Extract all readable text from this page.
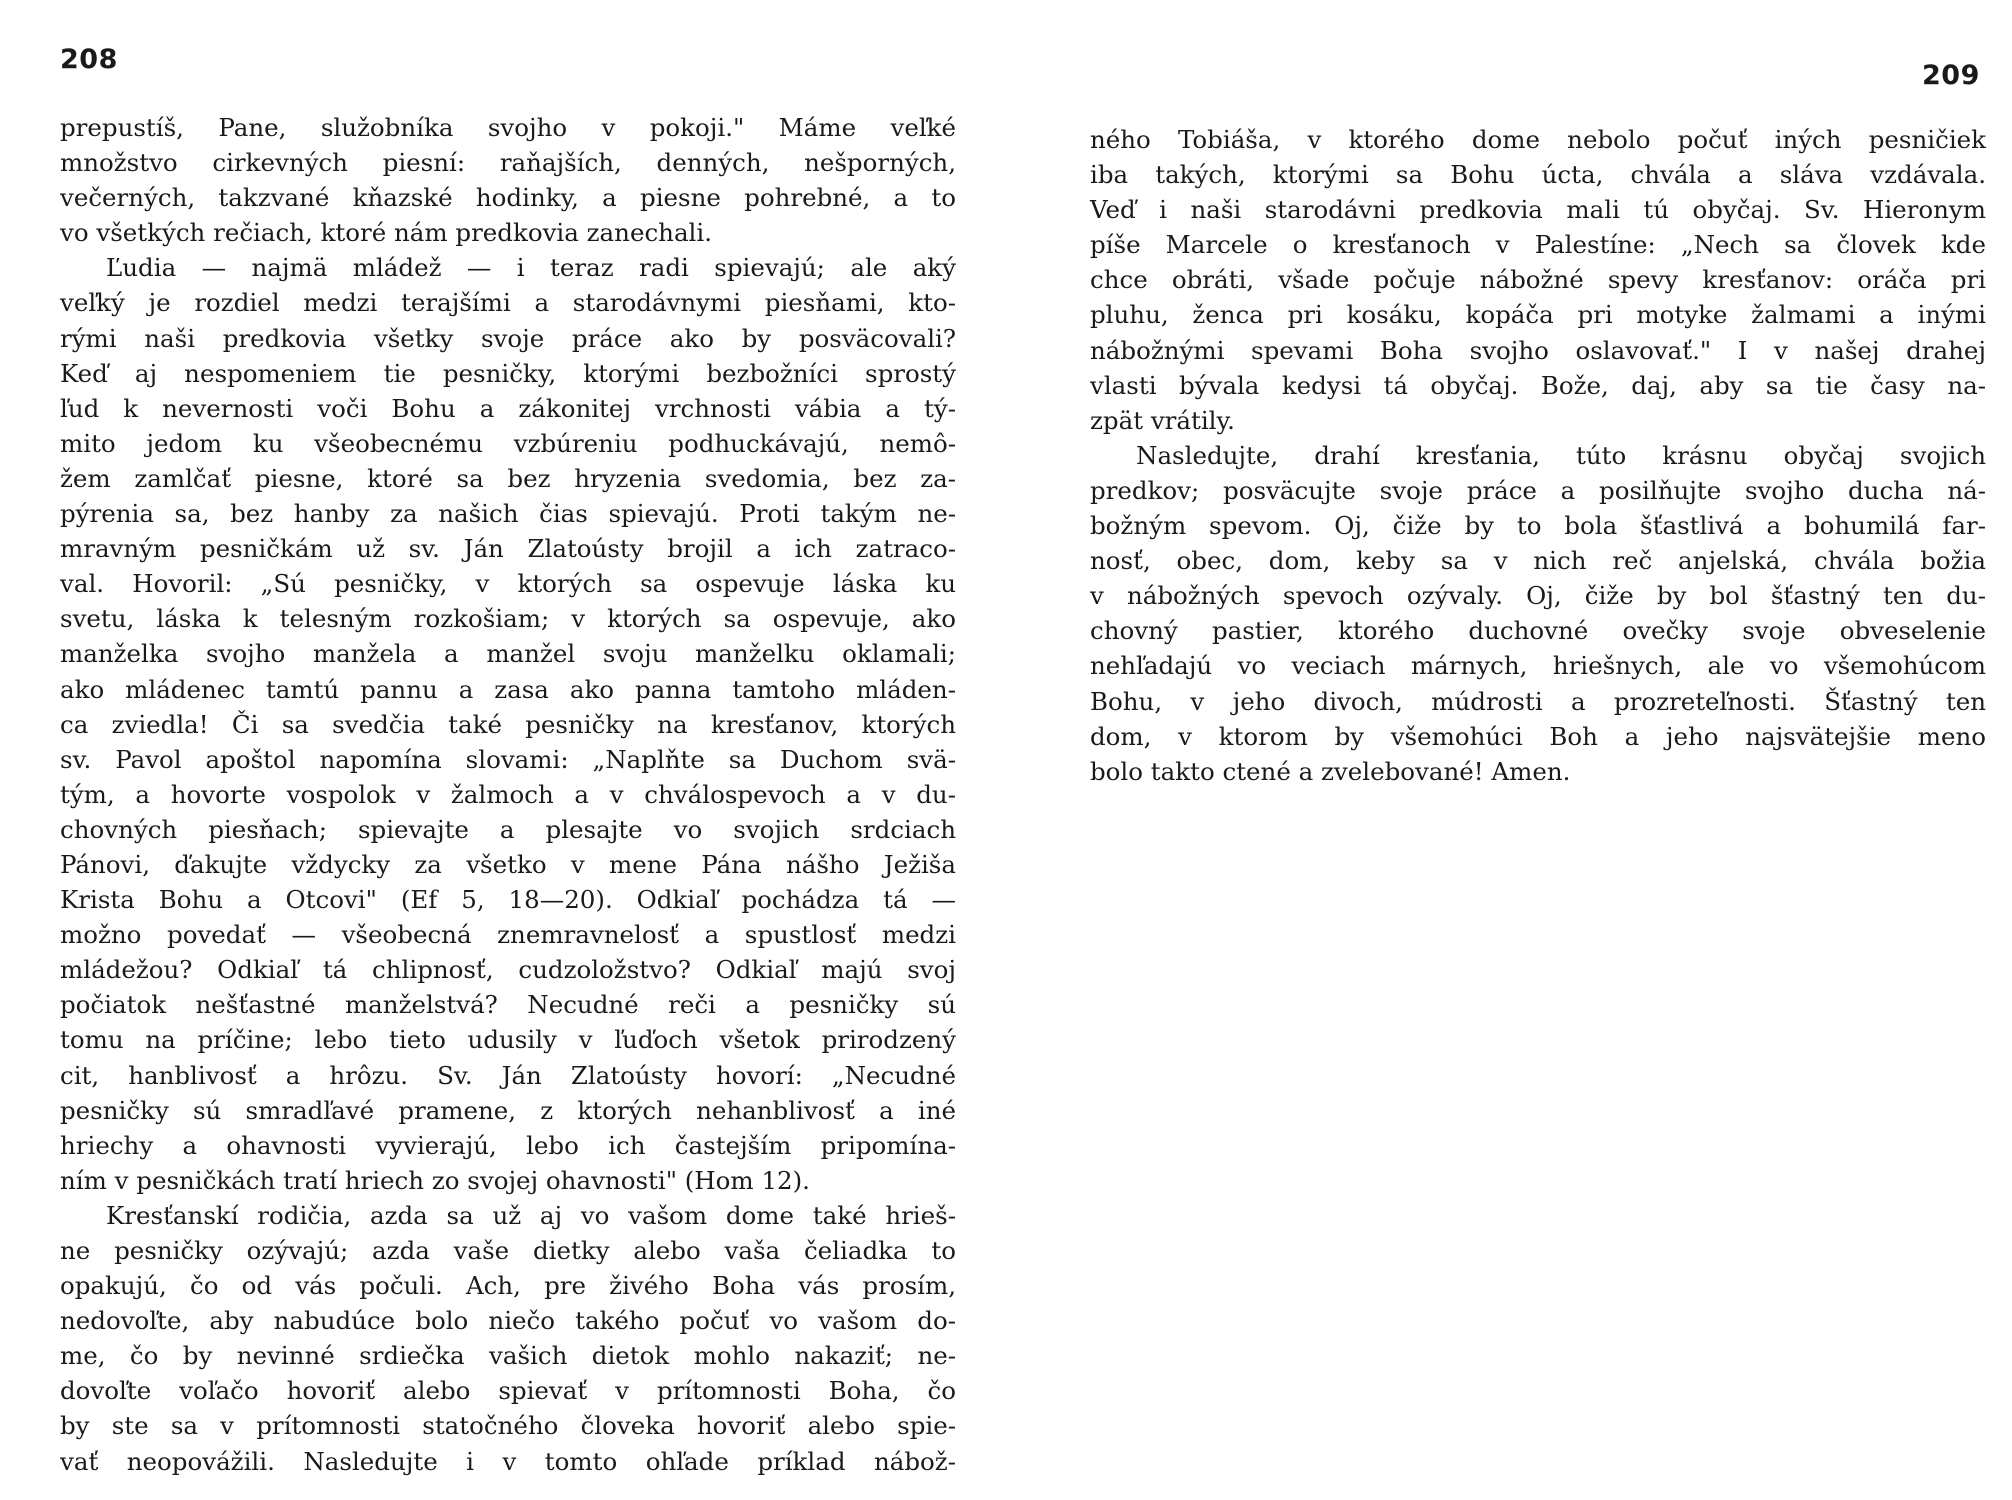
208
prepustíš, Pane, služobníka svojho v pokoji." Máme veľké
množstvo cirkevných piesní: raňajších, denných, nešporných,
večerných, takzvané kňazské hodinky, a piesne pohrebné, a to
vo všetkých rečiach, ktoré nám predkovia zanechali.
Ľudia — najmä mládež — i teraz radi spievajú; ale aký
veľký je rozdiel medzi terajšími a starodávnymi piesňami, kto-
rými naši predkovia všetky svoje práce ako by posväcovali?
Keď aj nespomeniem tie pesničky, ktorými bezbožníci sprostý
ľud k nevernosti voči Bohu a zákonitej vrchnosti vábia a tý-
mito jedom ku všeobecnému vzbúreniu podhuckávajú, nemô-
žem zamlčať piesne, ktoré sa bez hryzenia svedomia, bez za-
pýrenia sa, bez hanby za našich čias spievajú. Proti takým ne-
mravným pesničkám už sv. Ján Zlatoústy brojil a ich zatraco-
val. Hovoril: „Sú pesničky, v ktorých sa ospevuje láska ku
svetu, láska k telesným rozkošiam; v ktorých sa ospevuje, ako
manželka svojho manžela a manžel svoju manželku oklamali;
ako mládenec tamtú pannu a zasa ako panna tamtoho mláden-
ca zviedla! Či sa svedčia také pesničky na kresťanov, ktorých
sv. Pavol apoštol napomína slovami: „Naplňte sa Duchom svä-
tým, a hovorte vospolok v žalmoch a v chválospevoch a v du-
chovných piesňach; spievajte a plesajte vo svojich srdciach
Pánovi, ďakujte vždycky za všetko v mene Pána nášho Ježiša
Krista Bohu a Otcovi" (Ef 5, 18—20). Odkiaľ pochádza tá —
možno povedať — všeobecná znemravnelosť a spustlosť medzi
mládežou? Odkiaľ tá chlipnosť, cudzoložstvo? Odkiaľ majú svoj
počiatok nešťastné manželstvá? Necudné reči a pesničky sú
tomu na príčine; lebo tieto udusily v ľuďoch všetok prirodzený
cit, hanblivosť a hrôzu. Sv. Ján Zlatoústy hovorí: „Necudné
pesničky sú smradľavé pramene, z ktorých nehanblivosť a iné
hriechy a ohavnosti vyvierajú, lebo ich častejším pripomína-
ním v pesničkách tratí hriech zo svojej ohavnosti" (Hom 12).
Kresťanskí rodičia, azda sa už aj vo vašom dome také hrieš-
ne pesničky ozývajú; azda vaše dietky alebo vaša čeliadka to
opakujú, čo od vás počuli. Ach, pre živého Boha vás prosím,
nedovoľte, aby nabudúce bolo niečo takého počuť vo vašom do-
me, čo by nevinné srdiečka vašich dietok mohlo nakaziť; ne-
dovoľte voľačo hovoriť alebo spievať v prítomnosti Boha, čo
by ste sa v prítomnosti statočného človeka hovoriť alebo spie-
vať neopovážili. Nasledujte i v tomto ohľade príklad nábož-
209
ného Tobiáša, v ktorého dome nebolo počuť iných pesničiek
iba takých, ktorými sa Bohu úcta, chvála a sláva vzdávala.
Veď i naši starodávni predkovia mali tú obyčaj. Sv. Hieronym
píše Marcele o kresťanoch v Palestíne: „Nech sa človek kde
chce obráti, všade počuje nábožné spevy kresťanov: oráča pri
pluhu, ženca pri kosáku, kopáča pri motyke žalmami a inými
nábožnými spevami Boha svojho oslavovať." I v našej drahej
vlasti bývala kedysi tá obyčaj. Bože, daj, aby sa tie časy na-
zpät vrátily.
Nasledujte, drahí kresťania, túto krásnu obyčaj svojich
predkov; posväcujte svoje práce a posilňujte svojho ducha ná-
božným spevom. Oj, čiže by to bola šťastlivá a bohumilá far-
nosť, obec, dom, keby sa v nich reč anjelská, chvála božia
v nábožných spevoch ozývaly. Oj, čiže by bol šťastný ten du-
chovný pastier, ktorého duchovné ovečky svoje obveselenie
nehľadajú vo veciach márnych, hriešnych, ale vo všemohúcom
Bohu, v jeho divoch, múdrosti a prozreteľnosti. Šťastný ten
dom, v ktorom by všemohúci Boh a jeho najsvätejšie meno
bolo takto ctené a zvelebované! Amen.
